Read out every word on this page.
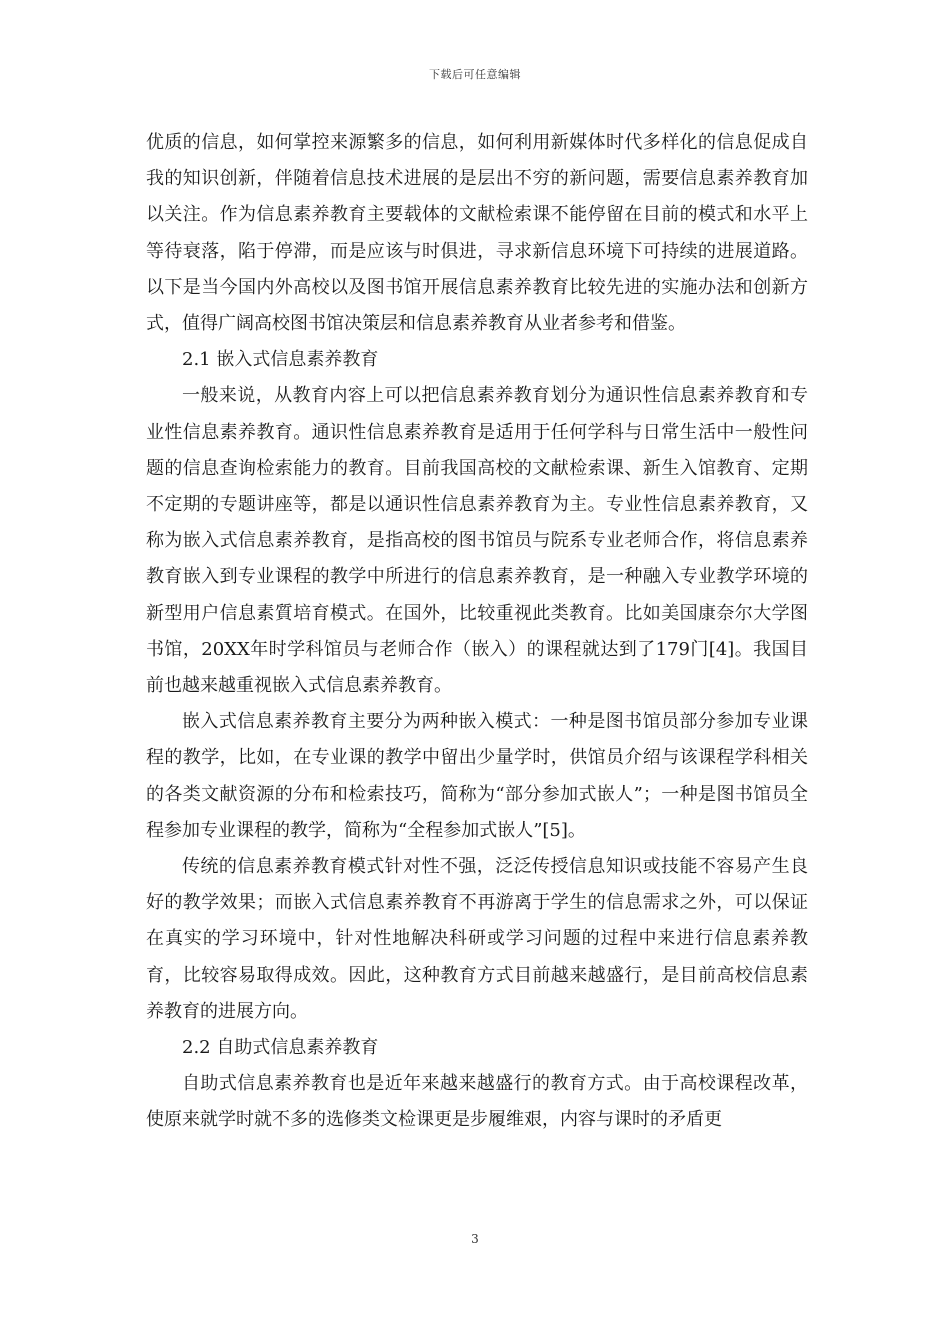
下载后可任意编辑

优质的信息，如何掌控来源繁多的信息，如何利用新媒体时代多样化的信息促成自我的知识创新，伴随着信息技术进展的是层出不穷的新问题，需要信息素养教育加以关注。作为信息素养教育主要载体的文献检索课不能停留在目前的模式和水平上等待衰落，陷于停滞，而是应该与时俱进，寻求新信息环境下可持续的进展道路。以下是当今国内外高校以及图书馆开展信息素养教育比较先进的实施办法和创新方式，值得广阔高校图书馆决策层和信息素养教育从业者参考和借鉴。

2.1 嵌入式信息素养教育

一般来说，从教育内容上可以把信息素养教育划分为通识性信息素养教育和专业性信息素养教育。通识性信息素养教育是适用于任何学科与日常生活中一般性问题的信息查询检索能力的教育。目前我国高校的文献检索课、新生入馆教育、定期不定期的专题讲座等，都是以通识性信息素养教育为主。专业性信息素养教育，又称为嵌入式信息素养教育，是指高校的图书馆员与院系专业老师合作，将信息素养教育嵌入到专业课程的教学中所进行的信息素养教育，是一种融入专业教学环境的新型用户信息素質培育模式。在国外，比较重视此类教育。比如美国康奈尔大学图书馆，20XX年时学科馆员与老师合作（嵌入）的课程就达到了179门[4]。我国目前也越来越重视嵌入式信息素养教育。

嵌入式信息素养教育主要分为两种嵌入模式：一种是图书馆员部分参加专业课程的教学，比如，在专业课的教学中留出少量学时，供馆员介绍与该课程学科相关的各类文献资源的分布和检索技巧，简称为“部分参加式嵌人”；一种是图书馆员全程参加专业课程的教学，简称为“全程参加式嵌人”[5]。

传统的信息素养教育模式针对性不强，泛泛传授信息知识或技能不容易产生良好的教学效果；而嵌入式信息素养教育不再游离于学生的信息需求之外，可以保证在真实的学习环境中，针对性地解决科研或学习问题的过程中来进行信息素养教育，比较容易取得成效。因此，这种教育方式目前越来越盛行，是目前高校信息素养教育的进展方向。

2.2 自助式信息素养教育

自助式信息素养教育也是近年来越来越盛行的教育方式。由于高校课程改革，使原来就学时就不多的选修类文检课更是步履维艰，内容与课时的矛盾更

3
